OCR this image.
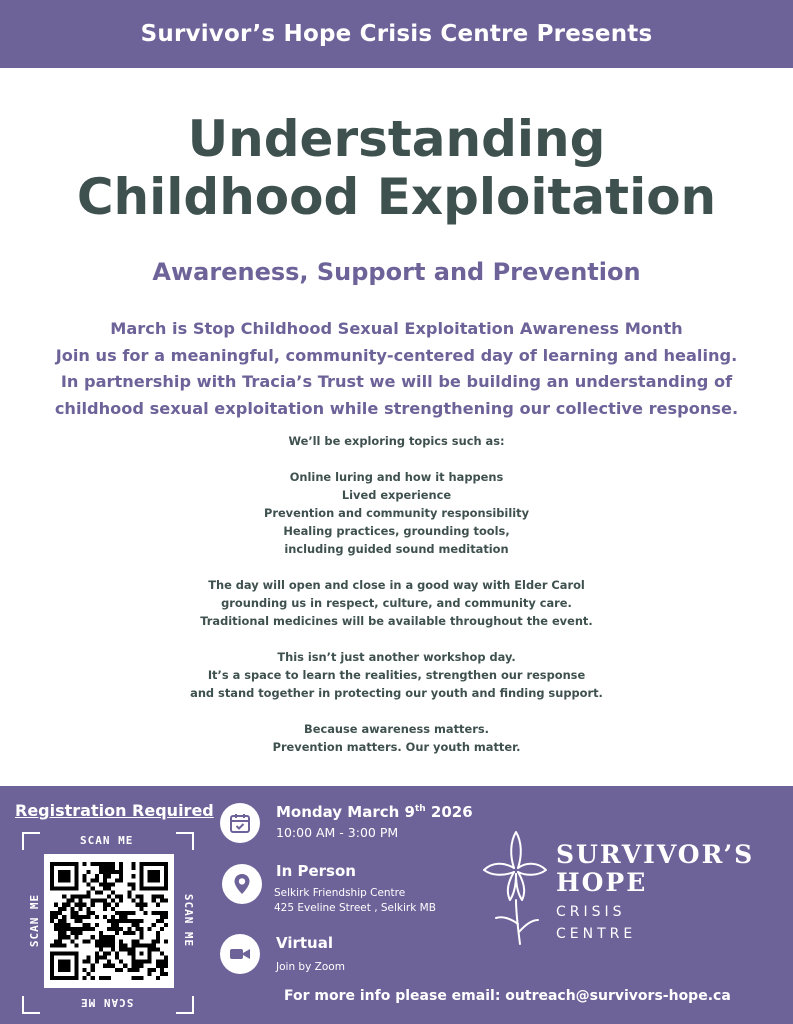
Survivor’s Hope Crisis Centre Presents
Understanding
Childhood Exploitation
Awareness, Support and Prevention
March is Stop Childhood Sexual Exploitation Awareness Month
Join us for a meaningful, community-centered day of learning and healing.
In partnership with Tracia’s Trust we will be building an understanding of
childhood sexual exploitation while strengthening our collective response.
We’ll be exploring topics such as:
Online luring and how it happens
Lived experience
Prevention and community responsibility
Healing practices, grounding tools,
including guided sound meditation
The day will open and close in a good way with Elder Carol
grounding us in respect, culture, and community care.
Traditional medicines will be available throughout the event.
This isn’t just another workshop day.
It’s a space to learn the realities, strengthen our response
and stand together in protecting our youth and finding support.
Because awareness matters.
Prevention matters. Our youth matter.
Registration Required
SCAN ME
SCAN ME
SCAN ME	SCAN ME
Monday March 9th 2026
10:00 AM - 3:00 PM
In Person
Selkirk Friendship Centre
425 Eveline Street , Selkirk MB
Virtual
Join by Zoom
SURVIVOR’S
HOPE
CRISIS
CENTRE
For more info please email: outreach@survivors-hope.ca
